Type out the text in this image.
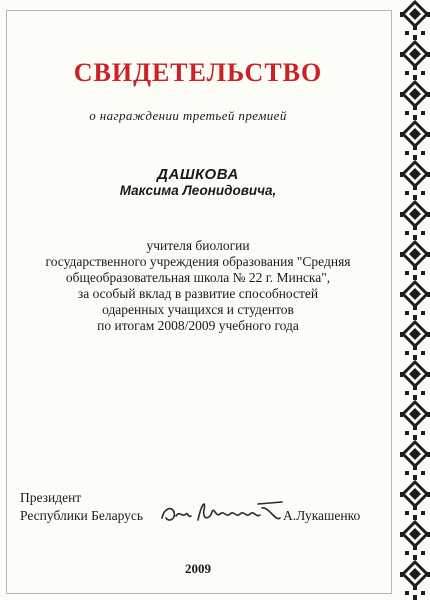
СВИДЕТЕЛЬСТВО
о награждении третьей премией
ДАШКОВА
Максима Леонидовича,
учителя биологии
государственного учреждения образования "Средняя
общеобразовательная школа № 22 г. Минска",
за особый вклад в развитие способностей
одаренных учащихся и студентов
по итогам 2008/2009 учебного года
Президент
Республики Беларусь	А.Лукашенко
2009
